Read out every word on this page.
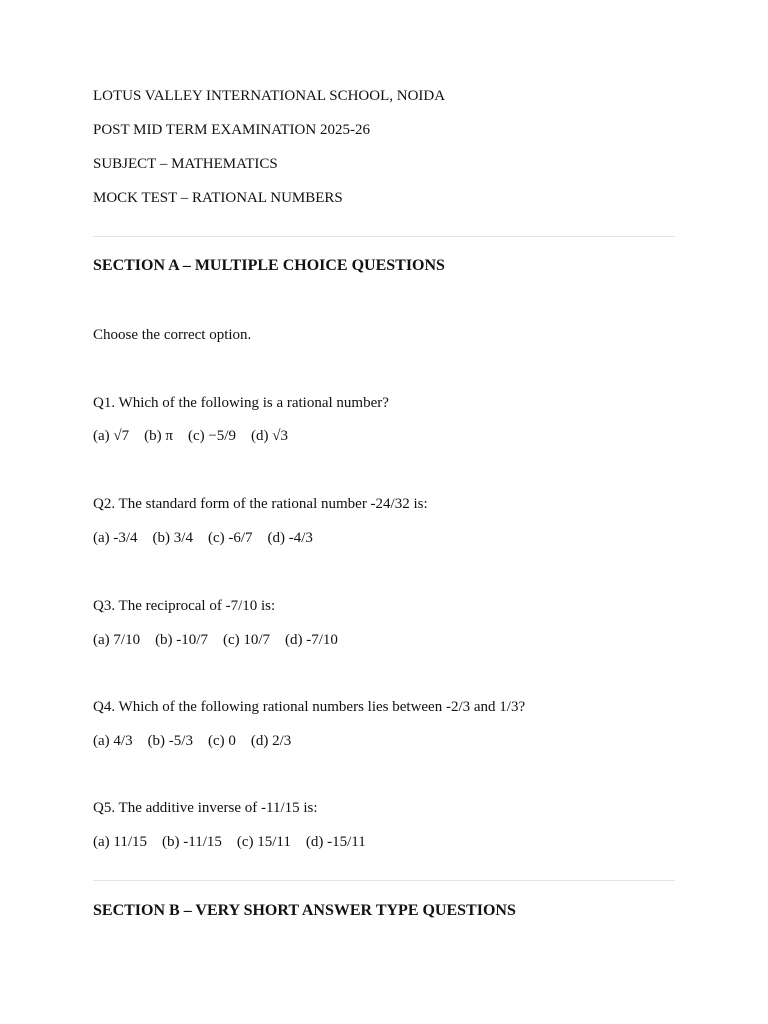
LOTUS VALLEY INTERNATIONAL SCHOOL, NOIDA
POST MID TERM EXAMINATION 2025-26
SUBJECT – MATHEMATICS
MOCK TEST – RATIONAL NUMBERS
SECTION A – MULTIPLE CHOICE QUESTIONS
Choose the correct option.
Q1. Which of the following is a rational number?
(a) √7    (b) π    (c) −5/9    (d) √3
Q2. The standard form of the rational number -24/32 is:
(a) -3/4    (b) 3/4    (c) -6/7    (d) -4/3
Q3. The reciprocal of -7/10 is:
(a) 7/10    (b) -10/7    (c) 10/7    (d) -7/10
Q4. Which of the following rational numbers lies between -2/3 and 1/3?
(a) 4/3    (b) -5/3    (c) 0    (d) 2/3
Q5. The additive inverse of -11/15 is:
(a) 11/15    (b) -11/15    (c) 15/11    (d) -15/11
SECTION B – VERY SHORT ANSWER TYPE QUESTIONS
